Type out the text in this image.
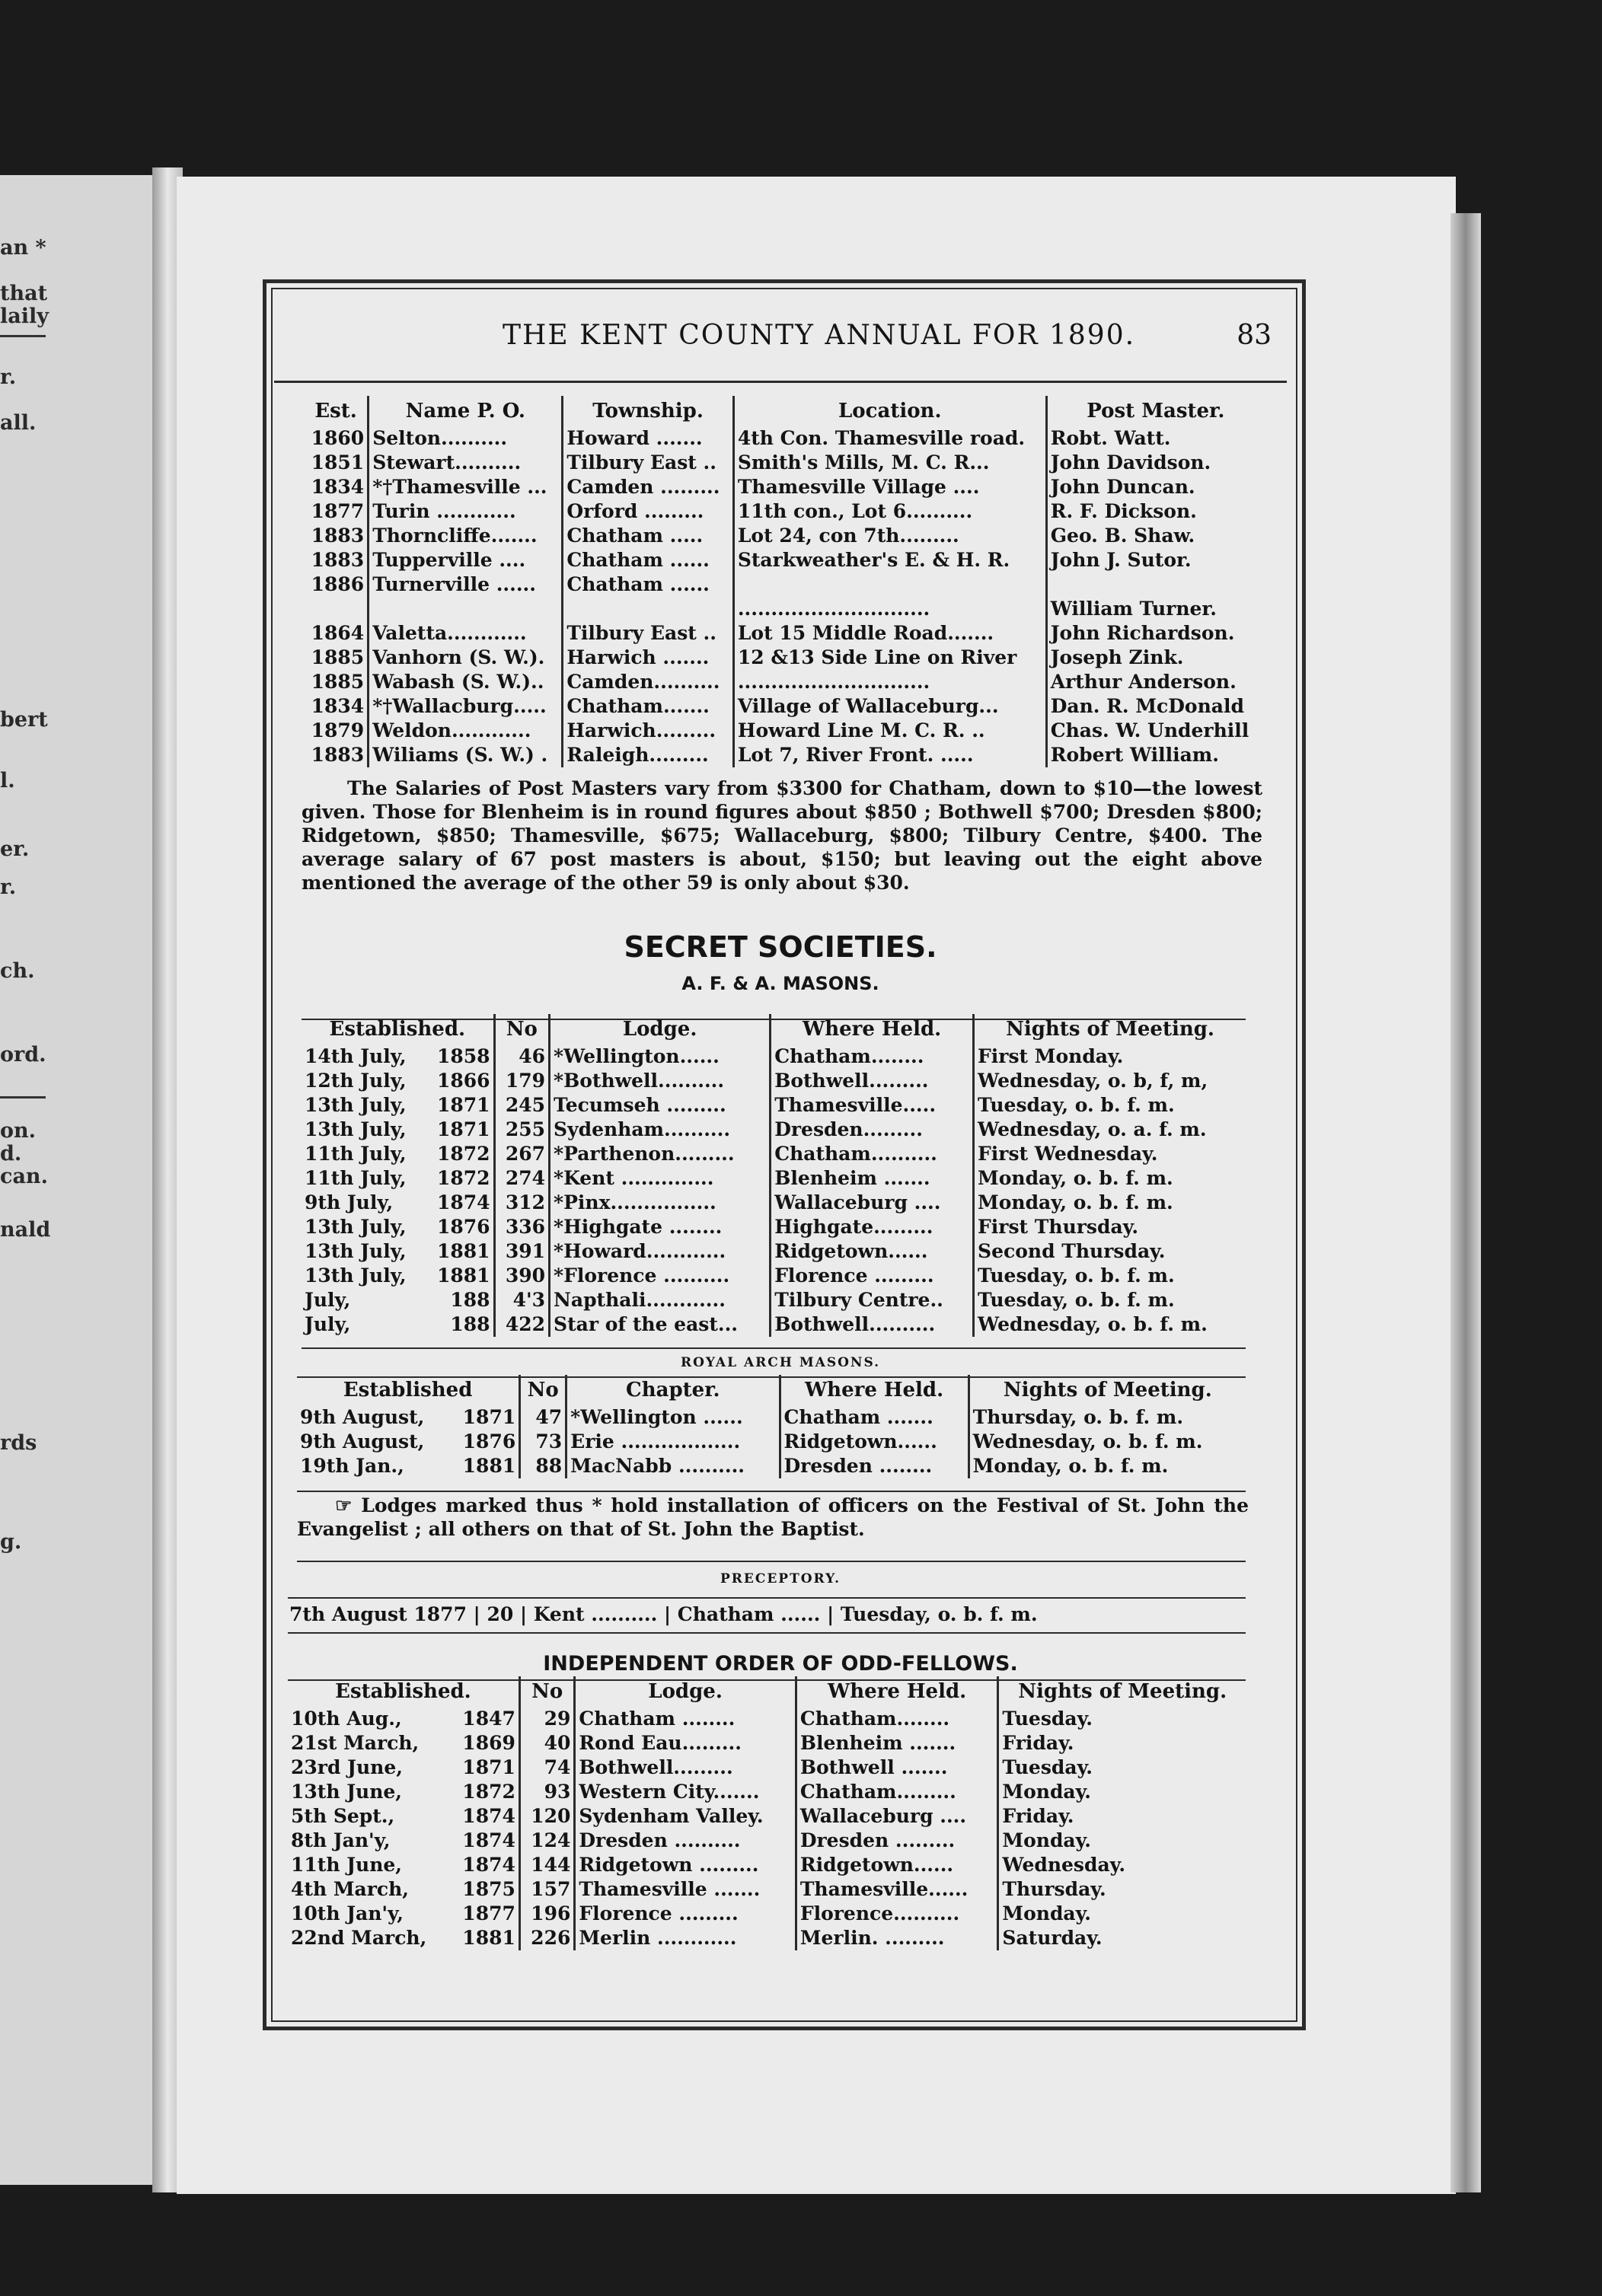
an *
that
laily
r.
all.
bert
l.
er.
r.
ch.
ord.
on.
d.
can.
nald
rds
g.
THE KENT COUNTY ANNUAL FOR 1890.	83
Est.	Name P. O.	Township.	Location.	Post Master.
1860	Selton..........	Howard .......	4th Con. Thamesville road.	Robt. Watt.
1851	Stewart..........	Tilbury East ..	Smith's Mills, M. C. R...	John Davidson.
1834	*†Thamesville ...	Camden .........	Thamesville Village ....	John Duncan.
1877	Turin ............	Orford .........	11th con., Lot 6..........	R. F. Dickson.
1883	Thorncliffe.......	Chatham .....	Lot 24, con 7th.........	Geo. B. Shaw.
1883	Tupperville ....	Chatham ......	Starkweather's E. & H. R.	John J. Sutor.
1886	Turnerville ......	Chatham ......		
			.............................	William Turner.
1864	Valetta............	Tilbury East ..	Lot 15 Middle Road.......	John Richardson.
1885	Vanhorn (S. W.).	Harwich .......	12 &13 Side Line on River	Joseph Zink.
1885	Wabash (S. W.)..	Camden..........	.............................	Arthur Anderson.
1834	*†Wallacburg.....	Chatham.......	Village of Wallaceburg...	Dan. R. McDonald
1879	Weldon............	Harwich.........	Howard Line M. C. R. ..	Chas. W. Underhill
1883	Wiliams (S. W.) .	Raleigh.........	Lot 7, River Front. .....	Robert William.
The Salaries of Post Masters vary from $3300 for Chatham, down to $10—the lowest given. Those for Blenheim is in round figures about $850 ; Bothwell $700; Dresden $800; Ridgetown, $850; Thamesville, $675; Wallaceburg, $800; Tilbury Centre, $400. The average salary of 67 post masters is about, $150; but leaving out the eight above mentioned the average of the other 59 is only about $30.
SECRET SOCIETIES.
A. F. & A. MASONS.
Established.		No	Lodge.	Where Held.	Nights of Meeting.
14th July,	1858	46	*Wellington......	Chatham........	First Monday.
12th July,	1866	179	*Bothwell..........	Bothwell.........	Wednesday, o. b, f, m,
13th July,	1871	245	Tecumseh .........	Thamesville.....	Tuesday, o. b. f. m.
13th July,	1871	255	Sydenham..........	Dresden.........	Wednesday, o. a. f. m.
11th July,	1872	267	*Parthenon.........	Chatham..........	First Wednesday.
11th July,	1872	274	*Kent ..............	Blenheim .......	Monday, o. b. f. m.
9th July,	1874	312	*Pinx................	Wallaceburg ....	Monday, o. b. f. m.
13th July,	1876	336	*Highgate ........	Highgate.........	First Thursday.
13th July,	1881	391	*Howard............	Ridgetown......	Second Thursday.
13th July,	1881	390	*Florence ..........	Florence .........	Tuesday, o. b. f. m.
July,	188	4'3	Napthali............	Tilbury Centre..	Tuesday, o. b. f. m.
July,	188	422	Star of the east...	Bothwell..........	Wednesday, o. b. f. m.
ROYAL ARCH MASONS.
Established		No	Chapter.	Where Held.	Nights of Meeting.
9th August,	1871	47	*Wellington ......	Chatham .......	Thursday, o. b. f. m.
9th August,	1876	73	Erie ..................	Ridgetown......	Wednesday, o. b. f. m.
19th Jan.,	1881	88	MacNabb ..........	Dresden ........	Monday, o. b. f. m.
☞ Lodges marked thus * hold installation of officers on the Festival of St. John the Evangelist ; all others on that of St. John the Baptist.
PRECEPTORY.
7th August 1877 | 20 | Kent .......... | Chatham ...... | Tuesday, o. b. f. m.
INDEPENDENT ORDER OF ODD-FELLOWS.
Established.		No	Lodge.	Where Held.	Nights of Meeting.
10th Aug.,	1847	29	Chatham ........	Chatham........	Tuesday.
21st March,	1869	40	Rond Eau.........	Blenheim .......	Friday.
23rd June,	1871	74	Bothwell.........	Bothwell .......	Tuesday.
13th June,	1872	93	Western City.......	Chatham.........	Monday.
5th Sept.,	1874	120	Sydenham Valley.	Wallaceburg ....	Friday.
8th Jan'y,	1874	124	Dresden ..........	Dresden .........	Monday.
11th June,	1874	144	Ridgetown .........	Ridgetown......	Wednesday.
4th March,	1875	157	Thamesville .......	Thamesville......	Thursday.
10th Jan'y,	1877	196	Florence .........	Florence..........	Monday.
22nd March,	1881	226	Merlin ............	Merlin. .........	Saturday.
